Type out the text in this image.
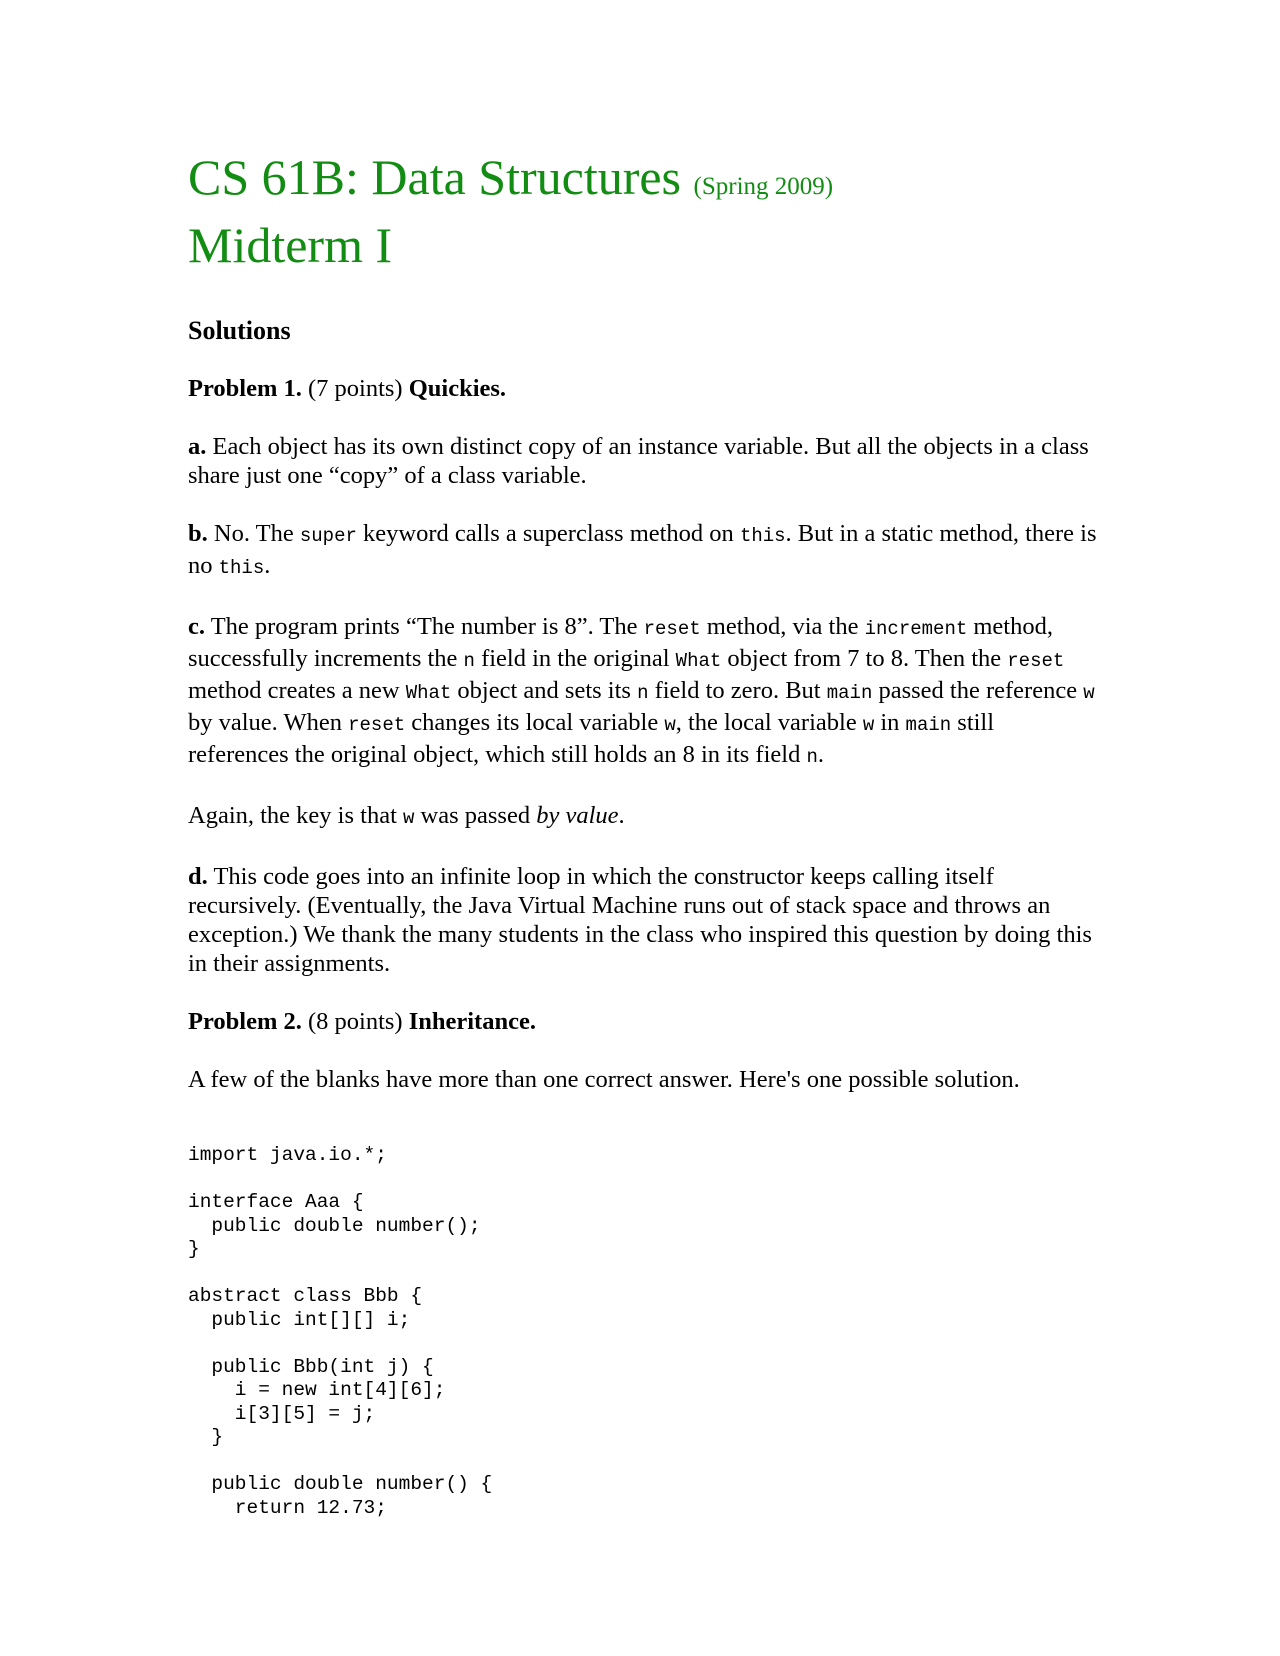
CS 61B: Data Structures (Spring 2009)
Midterm I
Solutions

Problem 1. (7 points) Quickies.

a. Each object has its own distinct copy of an instance variable. But all the objects in a class share just one “copy” of a class variable.

b. No. The super keyword calls a superclass method on this. But in a static method, there is no this.

c. The program prints “The number is 8”. The reset method, via the increment method, successfully increments the n field in the original What object from 7 to 8. Then the reset method creates a new What object and sets its n field to zero. But main passed the reference w by value. When reset changes its local variable w, the local variable w in main still references the original object, which still holds an 8 in its field n.

Again, the key is that w was passed by value.

d. This code goes into an infinite loop in which the constructor keeps calling itself recursively. (Eventually, the Java Virtual Machine runs out of stack space and throws an exception.) We thank the many students in the class who inspired this question by doing this in their assignments.

Problem 2. (8 points) Inheritance.

A few of the blanks have more than one correct answer. Here's one possible solution.

import java.io.*;

interface Aaa {
public double number();
}

abstract class Bbb {
public int[][] i;

public Bbb(int j) {
i = new int[4][6];
i[3][5] = j;
}

public double number() {
return 12.73;
